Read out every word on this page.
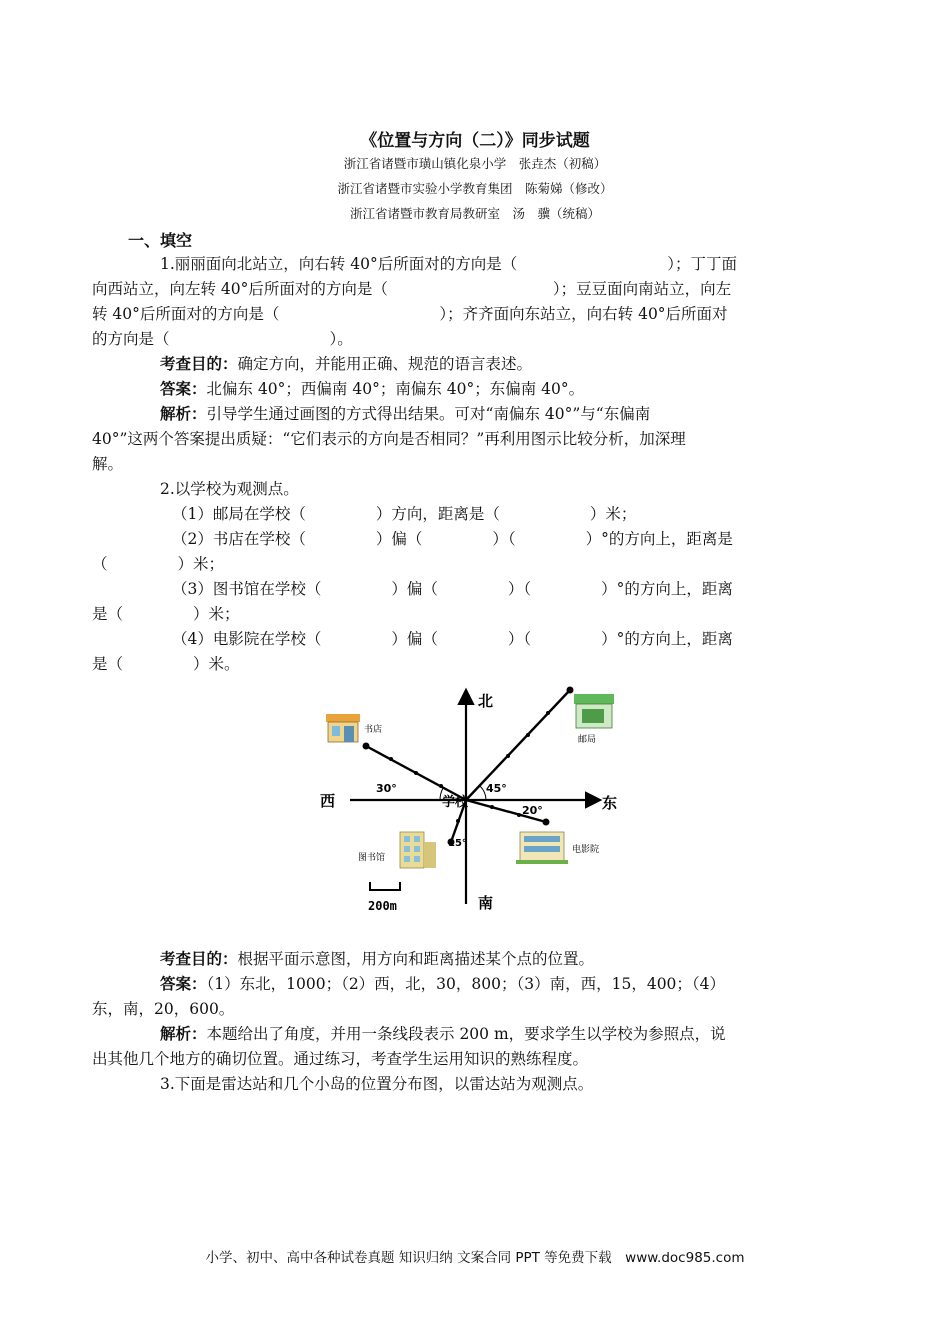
《位置与方向（二）》同步试题
浙江省诸暨市璜山镇化泉小学　张垚杰（初稿）
浙江省诸暨市实验小学教育集团　陈菊娣（修改）
浙江省诸暨市教育局教研室　汤　骥（统稿）
一、填空
1.丽丽面向北站立，向右转 40°后所面对的方向是（	）；丁丁面
向西站立，向左转 40°后所面对的方向是（	）；豆豆面向南站立，向左
转 40°后所面对的方向是（	）；齐齐面向东站立，向右转 40°后所面对
的方向是（	）。
考查目的：确定方向，并能用正确、规范的语言表述。
答案：北偏东 40°；西偏南 40°；南偏东 40°；东偏南 40°。
解析：引导学生通过画图的方式得出结果。可对“南偏东 40°”与“东偏南
40°”这两个答案提出质疑：“它们表示的方向是否相同？”再利用图示比较分析，加深理
解。
2.以学校为观测点。
（1）邮局在学校（	）方向，距离是（	）米；
（2）书店在学校（	）偏（	）（	）°的方向上，距离是
（	）米；
（3）图书馆在学校（	）偏（	）（	）°的方向上，距离
是（	）米；
（4）电影院在学校（	）偏（	）（	）°的方向上，距离
是（	）米。
北
南
东
西
30°	45°
20°
15°
学校
书店
邮局
图书馆
电影院
200m
考查目的：根据平面示意图，用方向和距离描述某个点的位置。
答案：（1）东北，1000；（2）西，北，30，800；（3）南，西，15，400；（4）
东，南，20，600。
解析：本题给出了角度，并用一条线段表示 200 m，要求学生以学校为参照点，说
出其他几个地方的确切位置。通过练习，考查学生运用知识的熟练程度。
3.下面是雷达站和几个小岛的位置分布图，以雷达站为观测点。
小学、初中、高中各种试卷真题 知识归纳 文案合同 PPT 等免费下载　www.doc985.com
